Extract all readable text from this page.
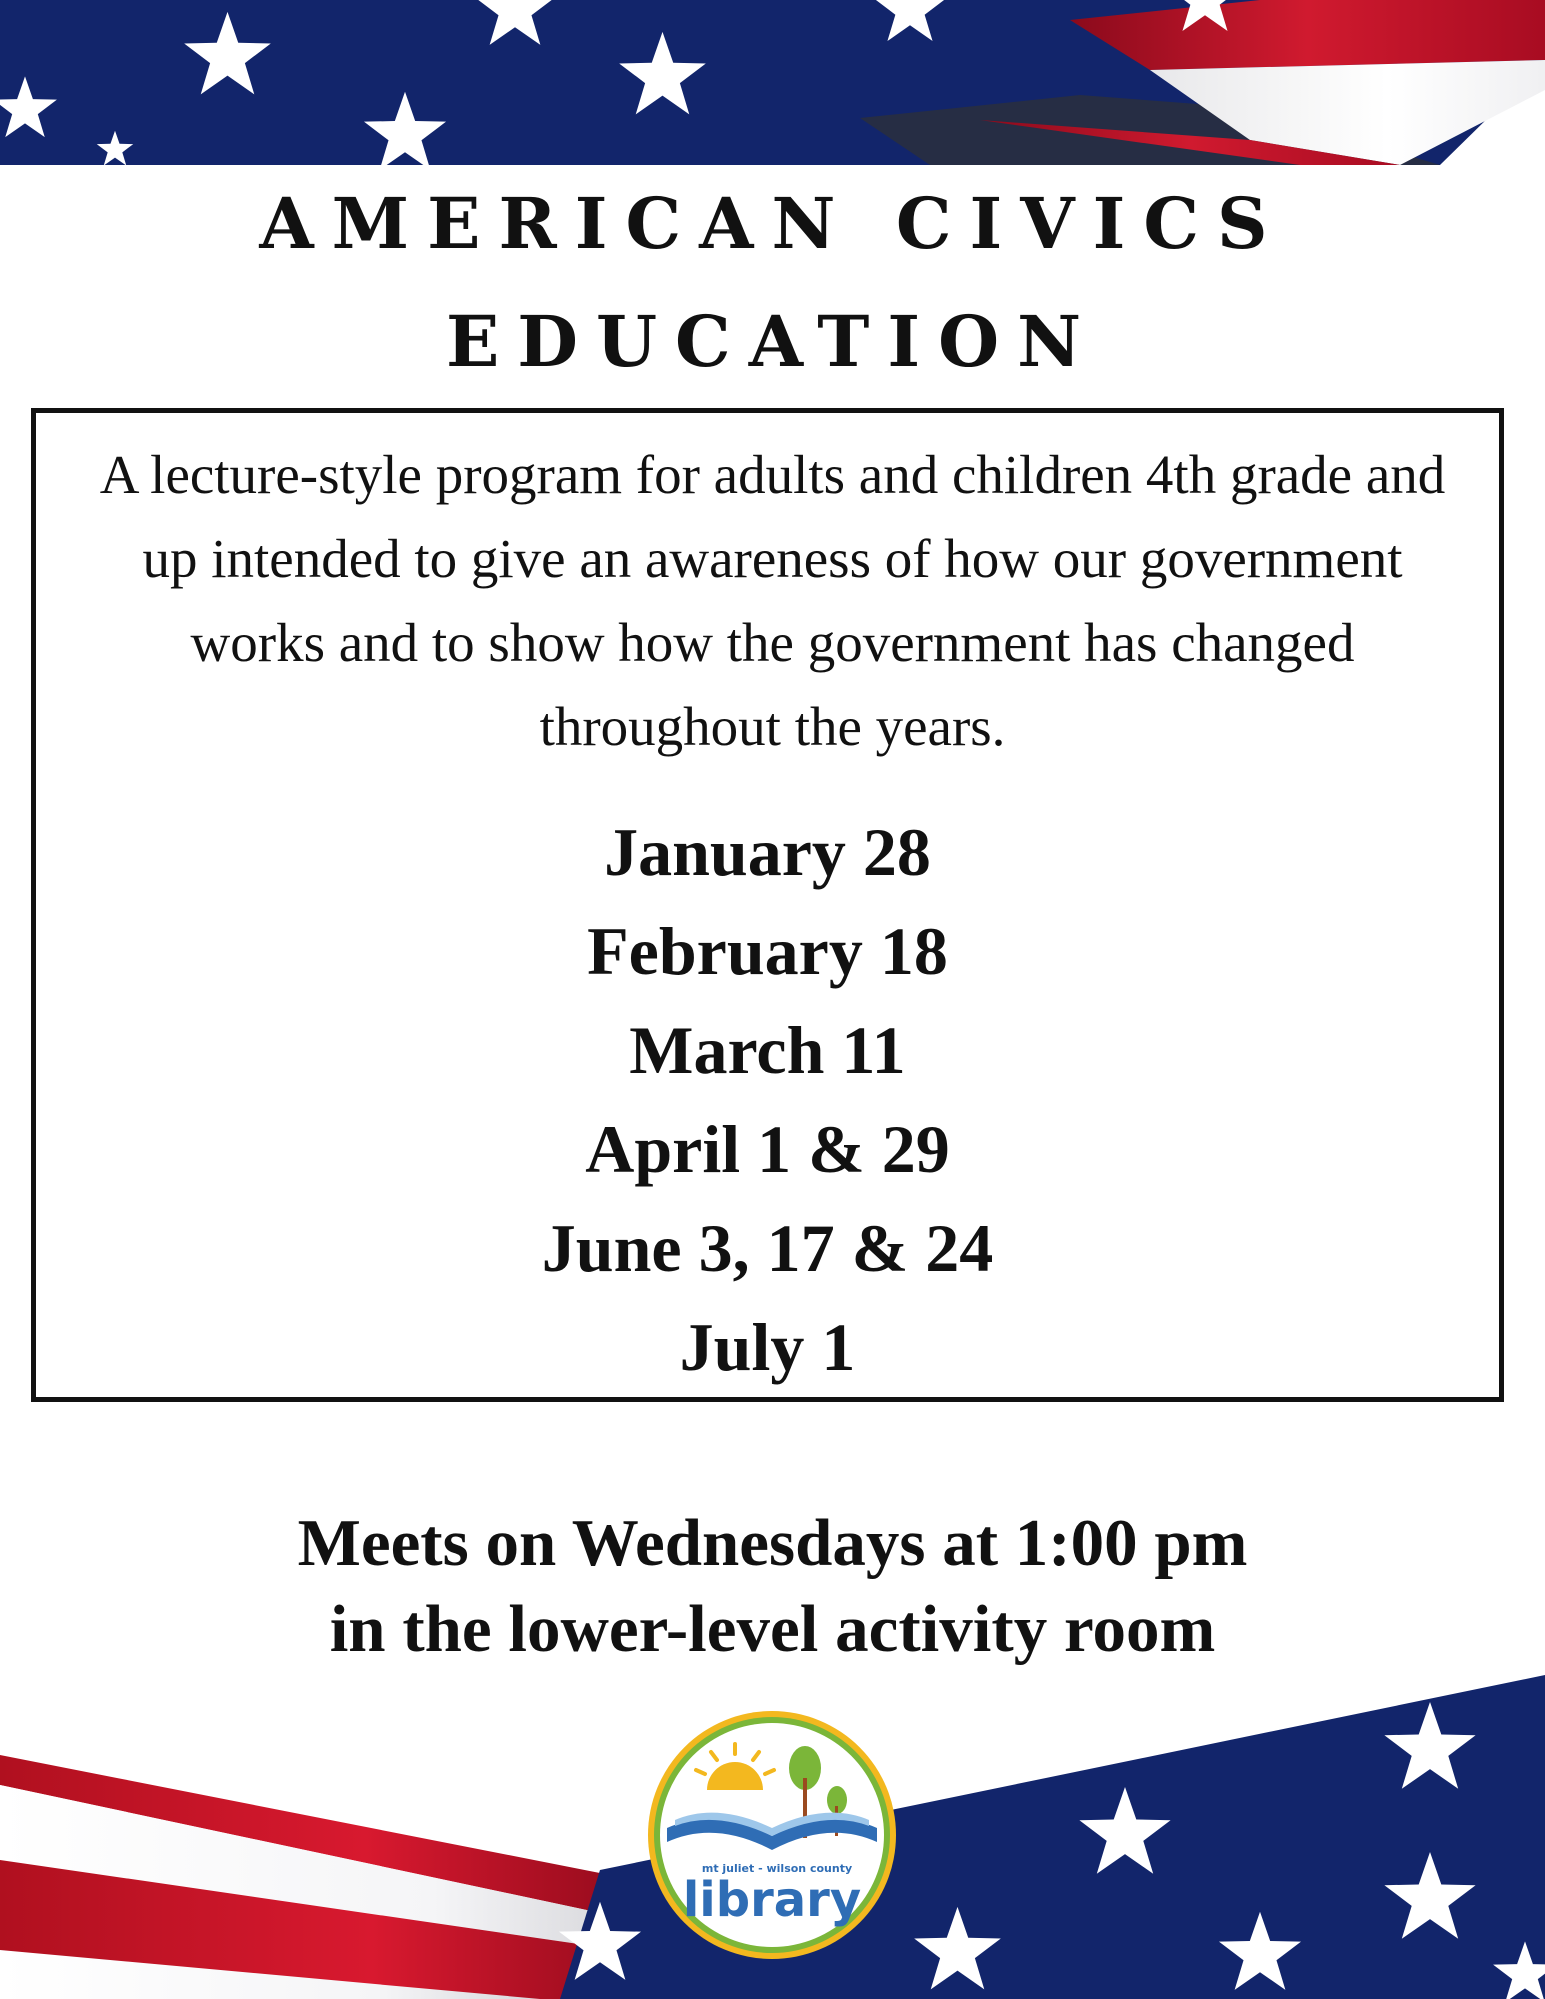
AMERICAN CIVICS
EDUCATION

A lecture-style program for adults and children 4th grade and up intended to give an awareness of how our government works and to show how the government has changed throughout the years.

January 28
February 18
March 11
April 1 & 29
June 3, 17 & 24
July 1

Meets on Wednesdays at 1:00 pm

in the lower-level activity room

mt juliet - wilson county
library
